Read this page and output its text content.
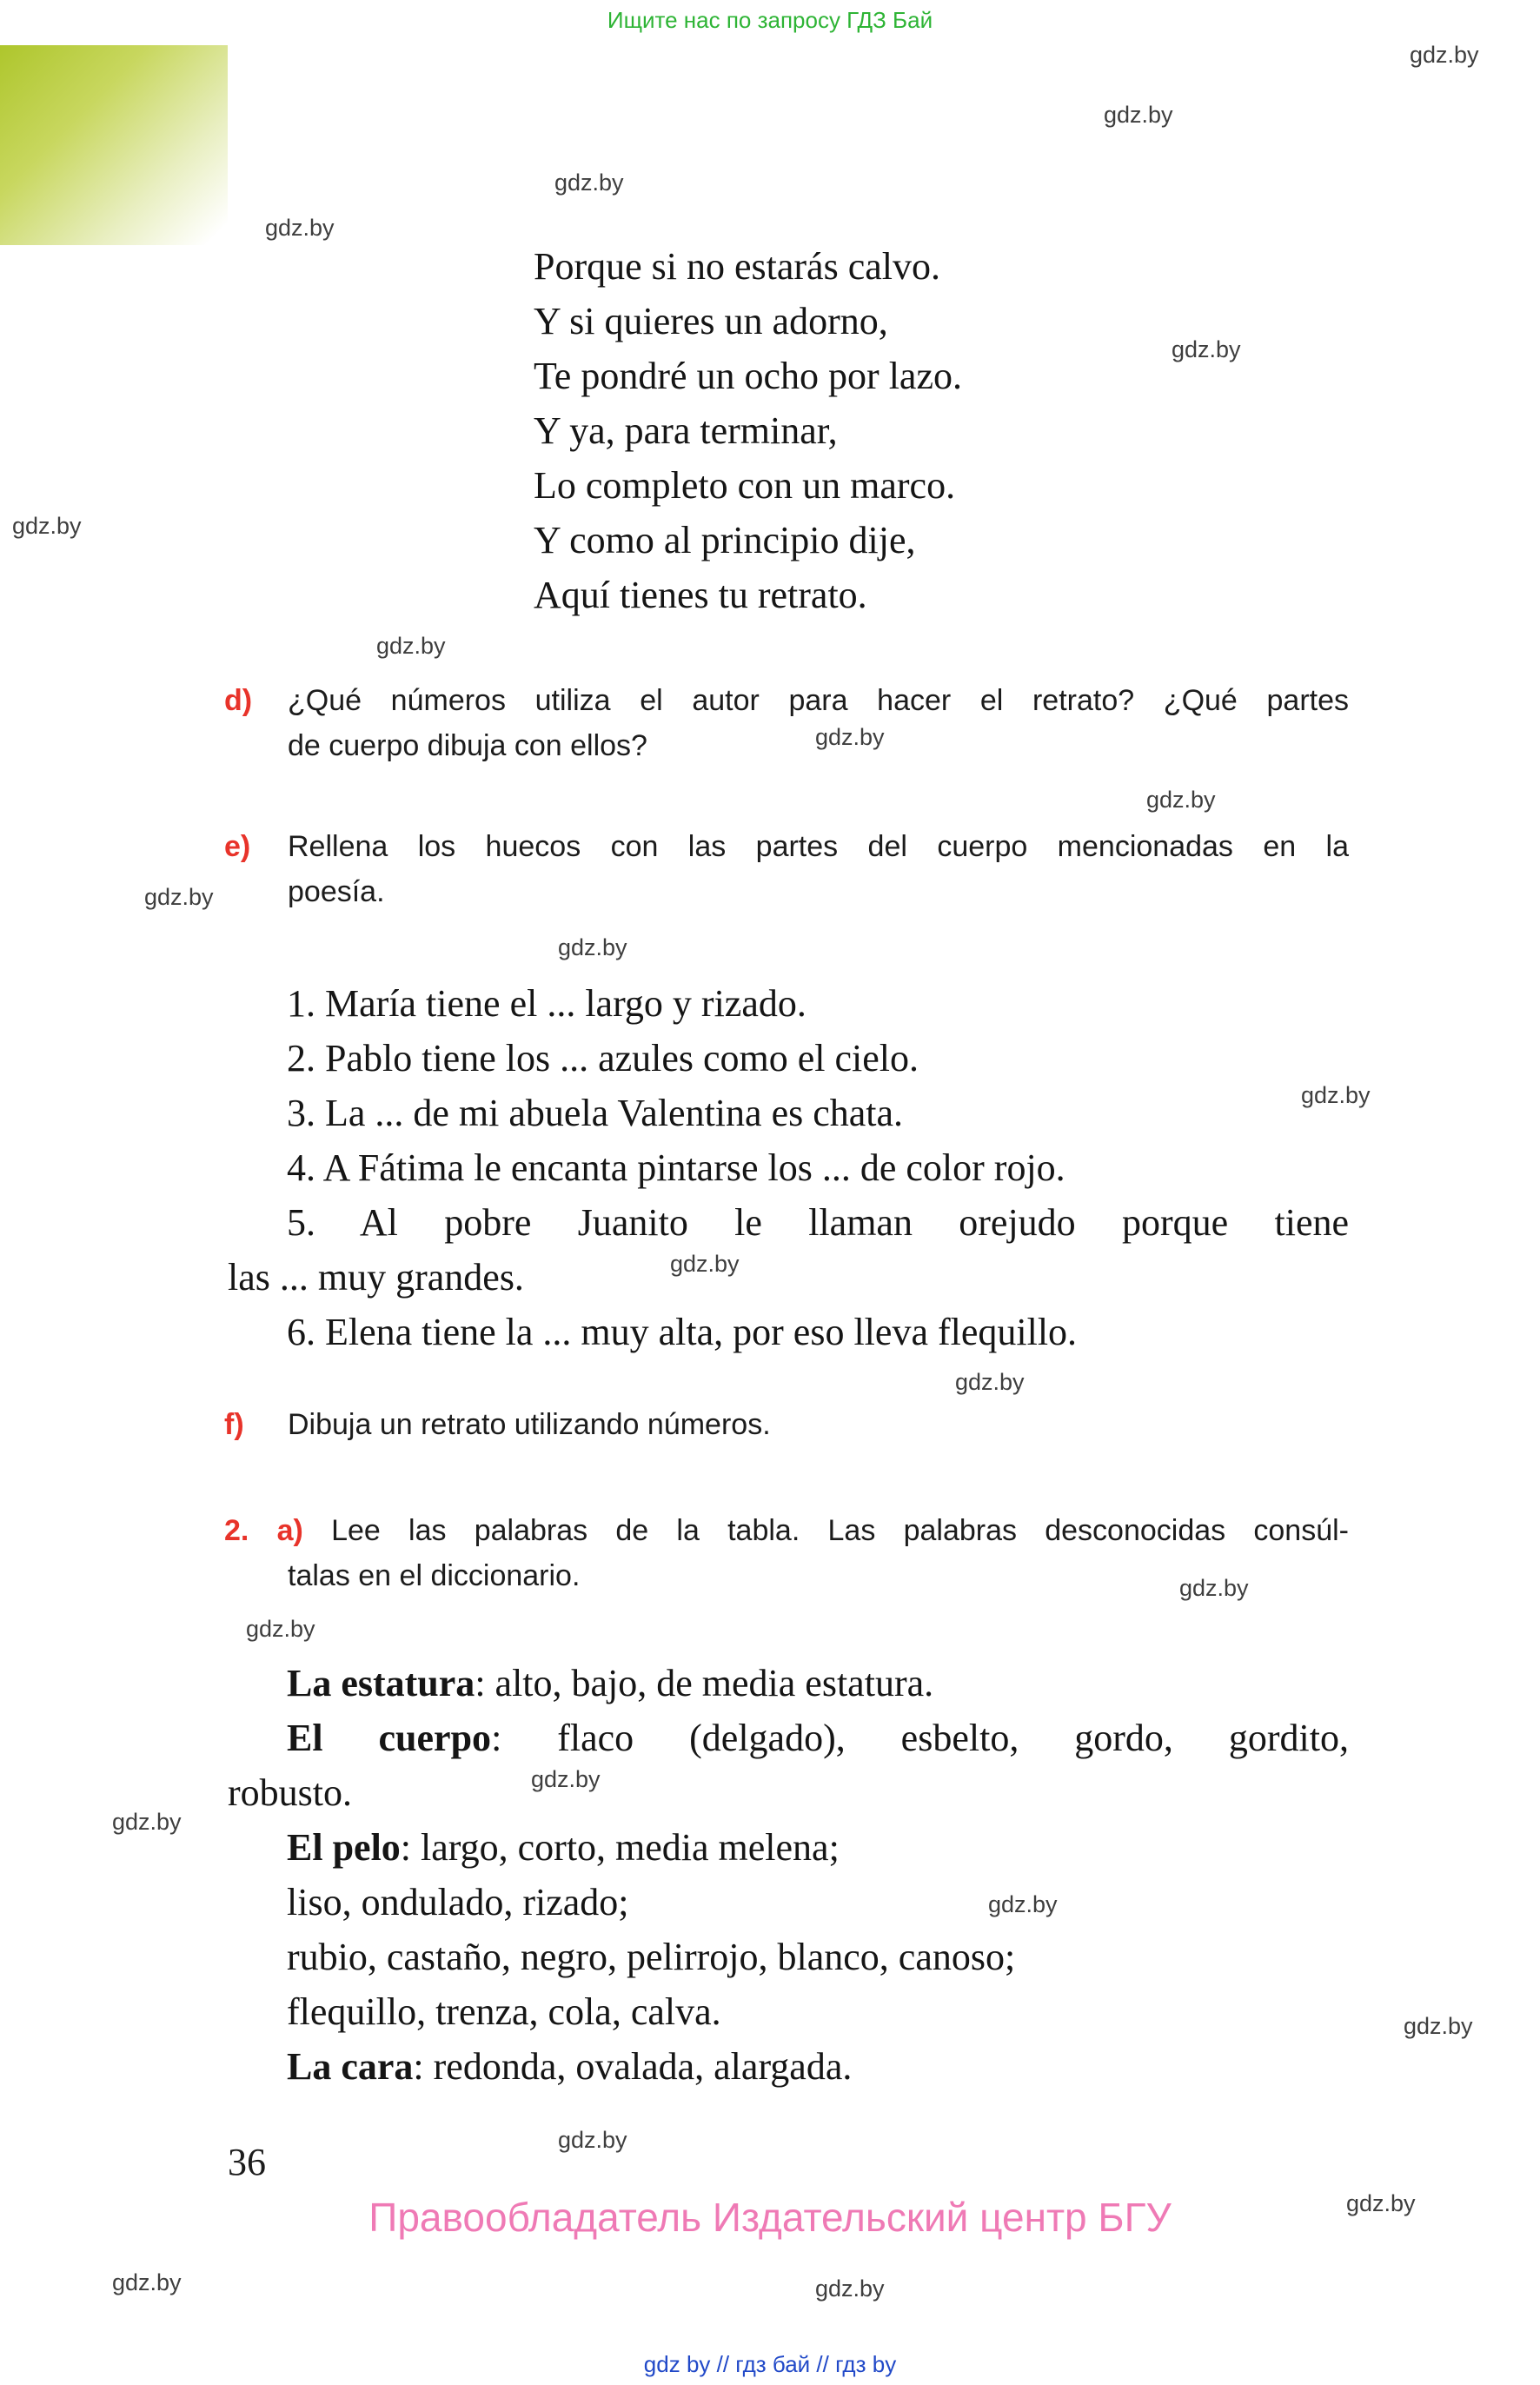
Ищите нас по запросу ГДЗ Бай
gdz.by
gdz.by
gdz.by
gdz.by
gdz.by
gdz.by
gdz.by
gdz.by
gdz.by
gdz.by
gdz.by
gdz.by
gdz.by
gdz.by
gdz.by
gdz.by
gdz.by
gdz.by
gdz.by
gdz.by
gdz.by
gdz.by
gdz.by	gdz.by
Porque si no estarás calvo.
Y si quieres un adorno,
Te pondré un ocho por lazo.
Y ya, para terminar,
Lo completo con un marco.
Y como al principio dije,
Aquí tienes tu retrato.
d) ¿Qué números utiliza el autor para hacer el retrato? ¿Qué partes
de cuerpo dibuja con ellos?
e) Rellena los huecos con las partes del cuerpo mencionadas en la
poesía.
1. María tiene el ... largo y rizado.
2. Pablo tiene los ... azules como el cielo.
3. La ... de mi abuela Valentina es chata.
4. A Fátima le encanta pintarse los ... de color rojo.
5. Al pobre Juanito le llaman orejudo porque tiene
las ... muy grandes.
6. Elena tiene la ... muy alta, por eso lleva flequillo.
f) Dibuja un retrato utilizando números.
2. a) Lee las palabras de la tabla. Las palabras desconocidas consúl-
talas en el diccionario.
La estatura: alto, bajo, de media estatura.
El cuerpo: flaco (delgado), esbelto, gordo, gordito,
robusto.
El pelo: largo, corto, media melena;
liso, ondulado, rizado;
rubio, castaño, negro, pelirrojo, blanco, canoso;
flequillo, trenza, cola, calva.
La cara: redonda, ovalada, alargada.
36
Правообладатель Издательский центр БГУ
gdz by // гдз бай // гдз by
